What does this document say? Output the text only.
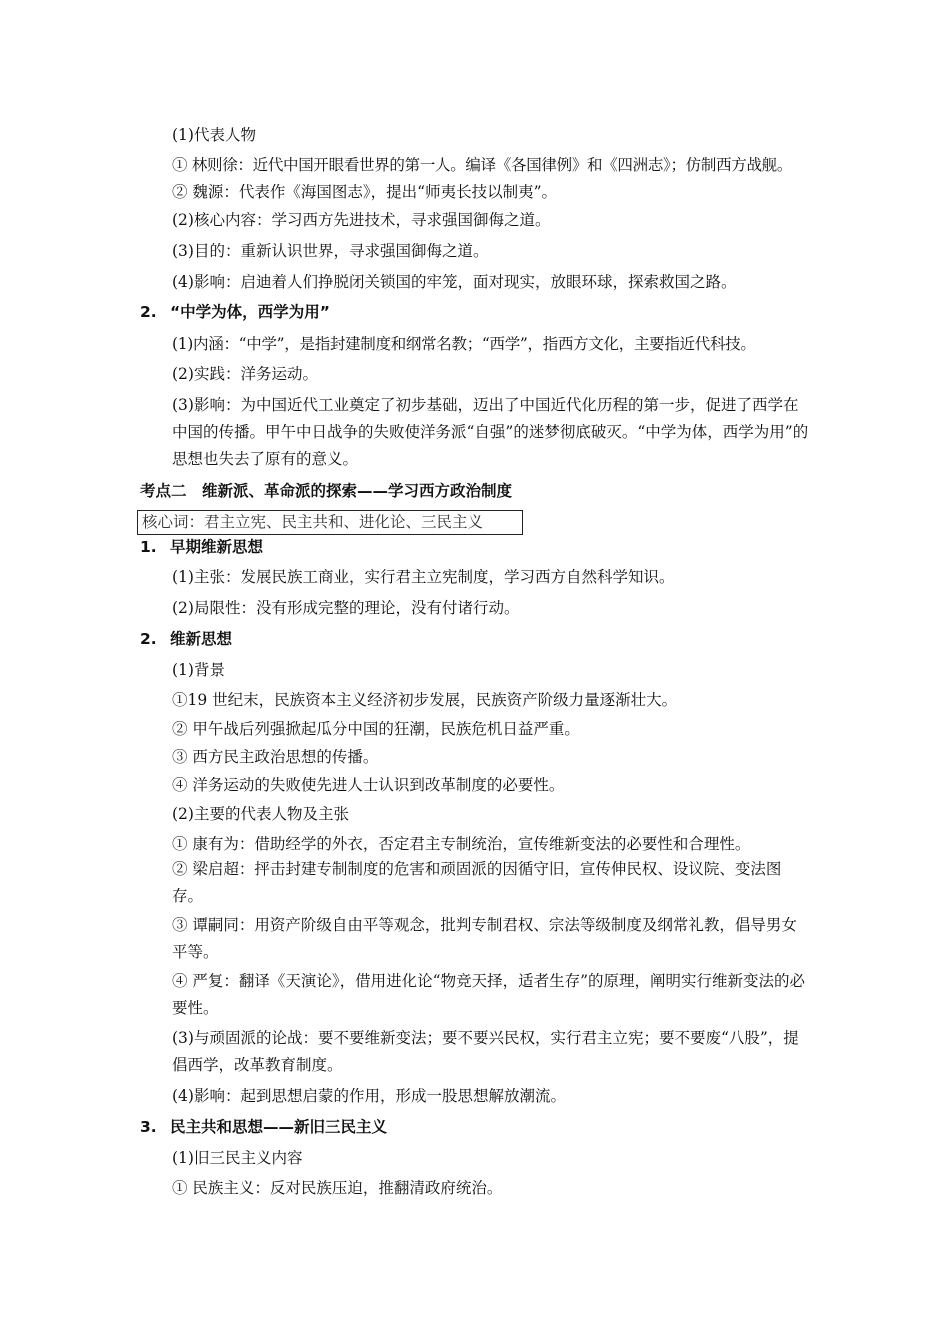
(1)代表人物
① 林则徐：近代中国开眼看世界的第一人。编译《各国律例》和《四洲志》；仿制西方战舰。
② 魏源：代表作《海国图志》，提出“师夷长技以制夷”。
(2)核心内容：学习西方先进技术，寻求强国御侮之道。
(3)目的：重新认识世界，寻求强国御侮之道。
(4)影响：启迪着人们挣脱闭关锁国的牢笼，面对现实，放眼环球，探索救国之路。
2. “中学为体，西学为用”
(1)内涵：“中学”，是指封建制度和纲常名教；“西学”，指西方文化，主要指近代科技。
(2)实践：洋务运动。
(3)影响：为中国近代工业奠定了初步基础，迈出了中国近代化历程的第一步，促进了西学在中国的传播。甲午中日战争的失败使洋务派“自强”的迷梦彻底破灭。“中学为体，西学为用”的思想也失去了原有的意义。
考点二　维新派、革命派的探索——学习西方政治制度
核心词：君主立宪、民主共和、进化论、三民主义
1. 早期维新思想
(1)主张：发展民族工商业，实行君主立宪制度，学习西方自然科学知识。
(2)局限性：没有形成完整的理论，没有付诸行动。
2. 维新思想
(1)背景
①19 世纪末，民族资本主义经济初步发展，民族资产阶级力量逐渐壮大。
② 甲午战后列强掀起瓜分中国的狂潮，民族危机日益严重。
③ 西方民主政治思想的传播。
④ 洋务运动的失败使先进人士认识到改革制度的必要性。
(2)主要的代表人物及主张
① 康有为：借助经学的外衣，否定君主专制统治，宣传维新变法的必要性和合理性。
② 梁启超：抨击封建专制制度的危害和顽固派的因循守旧，宣传伸民权、设议院、变法图存。
③ 谭嗣同：用资产阶级自由平等观念，批判专制君权、宗法等级制度及纲常礼教，倡导男女平等。
④ 严复：翻译《天演论》，借用进化论“物竞天择，适者生存”的原理，阐明实行维新变法的必要性。
(3)与顽固派的论战：要不要维新变法；要不要兴民权，实行君主立宪；要不要废“八股”，提倡西学，改革教育制度。
(4)影响：起到思想启蒙的作用，形成一股思想解放潮流。
3. 民主共和思想——新旧三民主义
(1)旧三民主义内容
① 民族主义：反对民族压迫，推翻清政府统治。
